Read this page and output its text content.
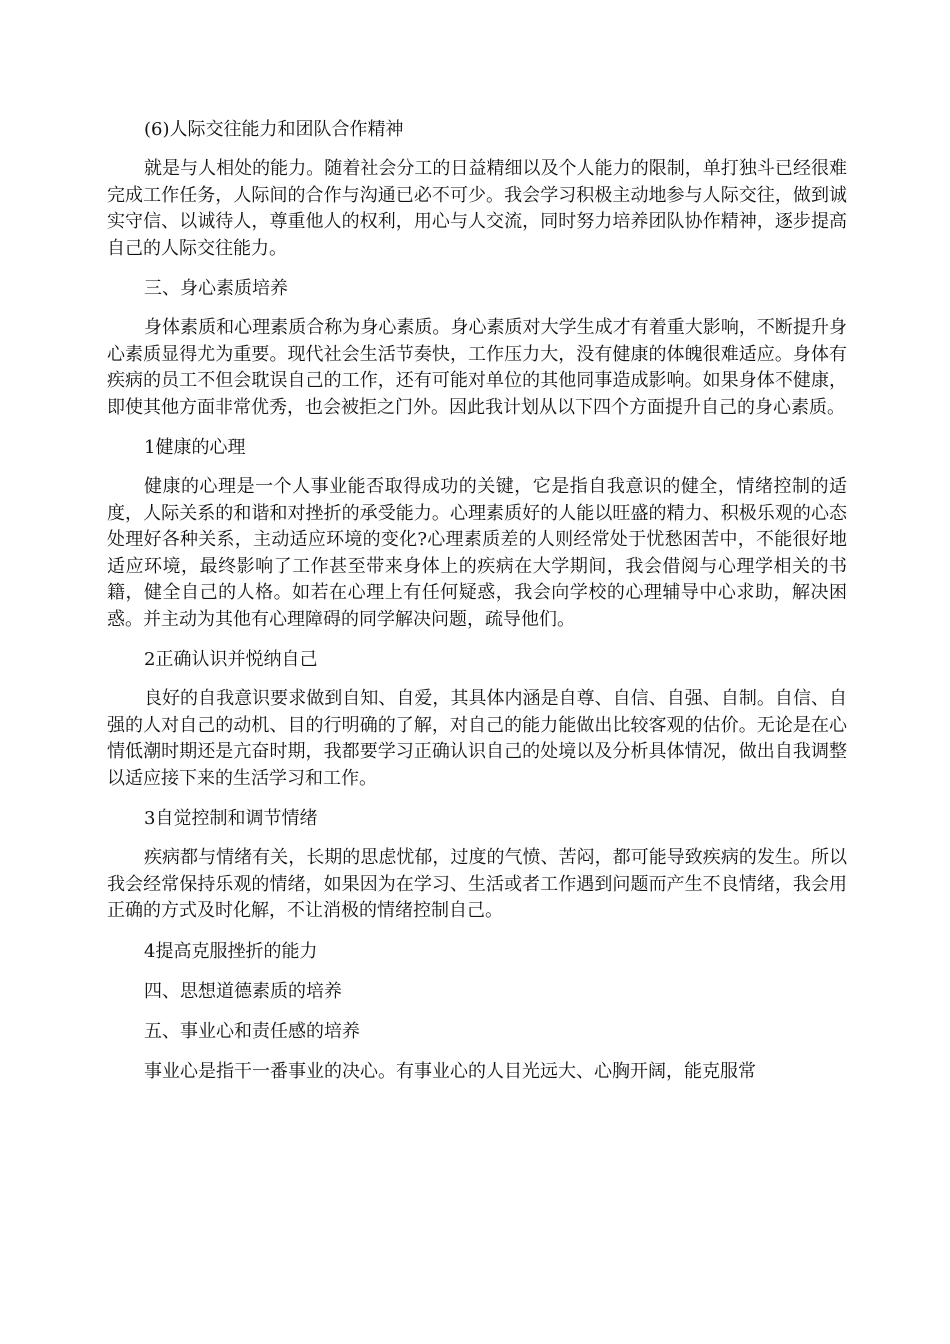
(6)人际交往能力和团队合作精神

就是与人相处的能力。随着社会分工的日益精细以及个人能力的限制，单打独斗已经很难完成工作任务，人际间的合作与沟通已必不可少。我会学习积极主动地参与人际交往，做到诚实守信、以诚待人，尊重他人的权利，用心与人交流，同时努力培养团队协作精神，逐步提高自己的人际交往能力。

三、身心素质培养

身体素质和心理素质合称为身心素质。身心素质对大学生成才有着重大影响，不断提升身心素质显得尤为重要。现代社会生活节奏快，工作压力大，没有健康的体魄很难适应。身体有疾病的员工不但会耽误自己的工作，还有可能对单位的其他同事造成影响。如果身体不健康，即使其他方面非常优秀，也会被拒之门外。因此我计划从以下四个方面提升自己的身心素质。

1健康的心理

健康的心理是一个人事业能否取得成功的关键，它是指自我意识的健全，情绪控制的适度，人际关系的和谐和对挫折的承受能力。心理素质好的人能以旺盛的精力、积极乐观的心态处理好各种关系，主动适应环境的变化?心理素质差的人则经常处于忧愁困苦中，不能很好地适应环境，最终影响了工作甚至带来身体上的疾病在大学期间，我会借阅与心理学相关的书籍，健全自己的人格。如若在心理上有任何疑惑，我会向学校的心理辅导中心求助，解决困惑。并主动为其他有心理障碍的同学解决问题，疏导他们。

2正确认识并悦纳自己

良好的自我意识要求做到自知、自爱，其具体内涵是自尊、自信、自强、自制。自信、自强的人对自己的动机、目的行明确的了解，对自己的能力能做出比较客观的估价。无论是在心情低潮时期还是亢奋时期，我都要学习正确认识自己的处境以及分析具体情况，做出自我调整以适应接下来的生活学习和工作。

3自觉控制和调节情绪

疾病都与情绪有关，长期的思虑忧郁，过度的气愤、苦闷，都可能导致疾病的发生。所以我会经常保持乐观的情绪，如果因为在学习、生活或者工作遇到问题而产生不良情绪，我会用正确的方式及时化解，不让消极的情绪控制自己。

4提高克服挫折的能力

四、思想道德素质的培养

五、事业心和责任感的培养

事业心是指干一番事业的决心。有事业心的人目光远大、心胸开阔，能克服常
